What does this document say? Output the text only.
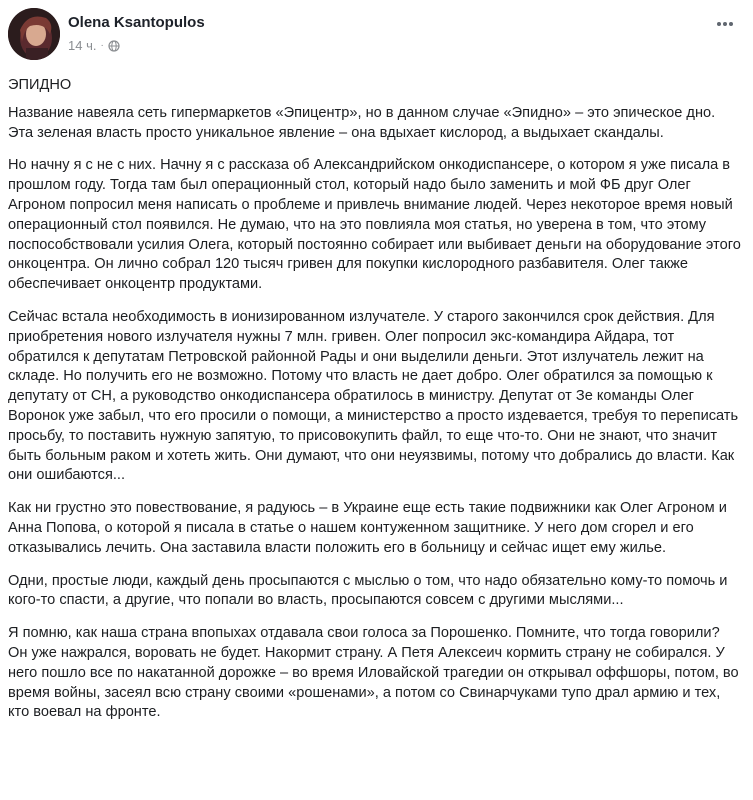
Olena Ksantopulos
14 ч. ·

ЭПИДНО

Название навеяла сеть гипермаркетов «Эпицентр», но в данном случае «Эпидно» – это эпическое дно. Эта зеленая власть просто уникальное явление – она вдыхает кислород, а выдыхает скандалы.

Но начну я с не с них. Начну я с рассказа об Александрийском онкодиспансере, о котором я уже писала в прошлом году. Тогда там был операционный стол, который надо было заменить и мой ФБ друг Олег Агроном попросил меня написать о проблеме и привлечь внимание людей. Через некоторое время новый операционный стол появился. Не думаю, что на это повлияла моя статья, но уверена в том, что этому поспособствовали усилия Олега, который постоянно собирает или выбивает деньги на оборудование этого онкоцентра. Он лично собрал 120 тысяч гривен для покупки кислородного разбавителя. Олег также обеспечивает онкоцентр продуктами.

Сейчас встала необходимость в ионизированном излучателе. У старого закончился срок действия. Для приобретения нового излучателя нужны 7 млн. гривен. Олег попросил экс-командира Айдара, тот обратился к депутатам Петровской районной Рады и они выделили деньги. Этот излучатель лежит на складе. Но получить его не возможно. Потому что власть не дает добро. Олег обратился за помощью к депутату от СН, а руководство онкодиспансера обратилось в министру. Депутат от Зе команды Олег Воронок уже забыл, что его просили о помощи, а министерство а просто издевается, требуя то переписать просьбу, то поставить нужную запятую, то присовокупить файл, то еще что-то. Они не знают, что значит быть больным раком и хотеть жить. Они думают, что они неуязвимы, потому что добрались до власти. Как они ошибаются...

Как ни грустно это повествование, я радуюсь – в Украине еще есть такие подвижники как Олег Агроном и Анна Попова, о которой я писала в статье о нашем контуженном защитнике. У него дом сгорел и его отказывались лечить. Она заставила власти положить его в больницу и сейчас ищет ему жилье.

Одни, простые люди, каждый день просыпаются с мыслью о том, что надо обязательно кому-то помочь и кого-то спасти, а другие, что попали во власть, просыпаются совсем с другими мыслями...

Я помню, как наша страна впопыхах отдавала свои голоса за Порошенко. Помните, что тогда говорили? Он уже нажрался, воровать не будет. Накормит страну. А Петя Алексеич кормить страну не собирался. У него пошло все по накатанной дорожке – во время Иловайской трагедии он открывал оффшоры, потом, во время войны, засеял всю страну своими «рошенами», а потом со Свинарчуками тупо драл армию и тех, кто воевал на фронте.
